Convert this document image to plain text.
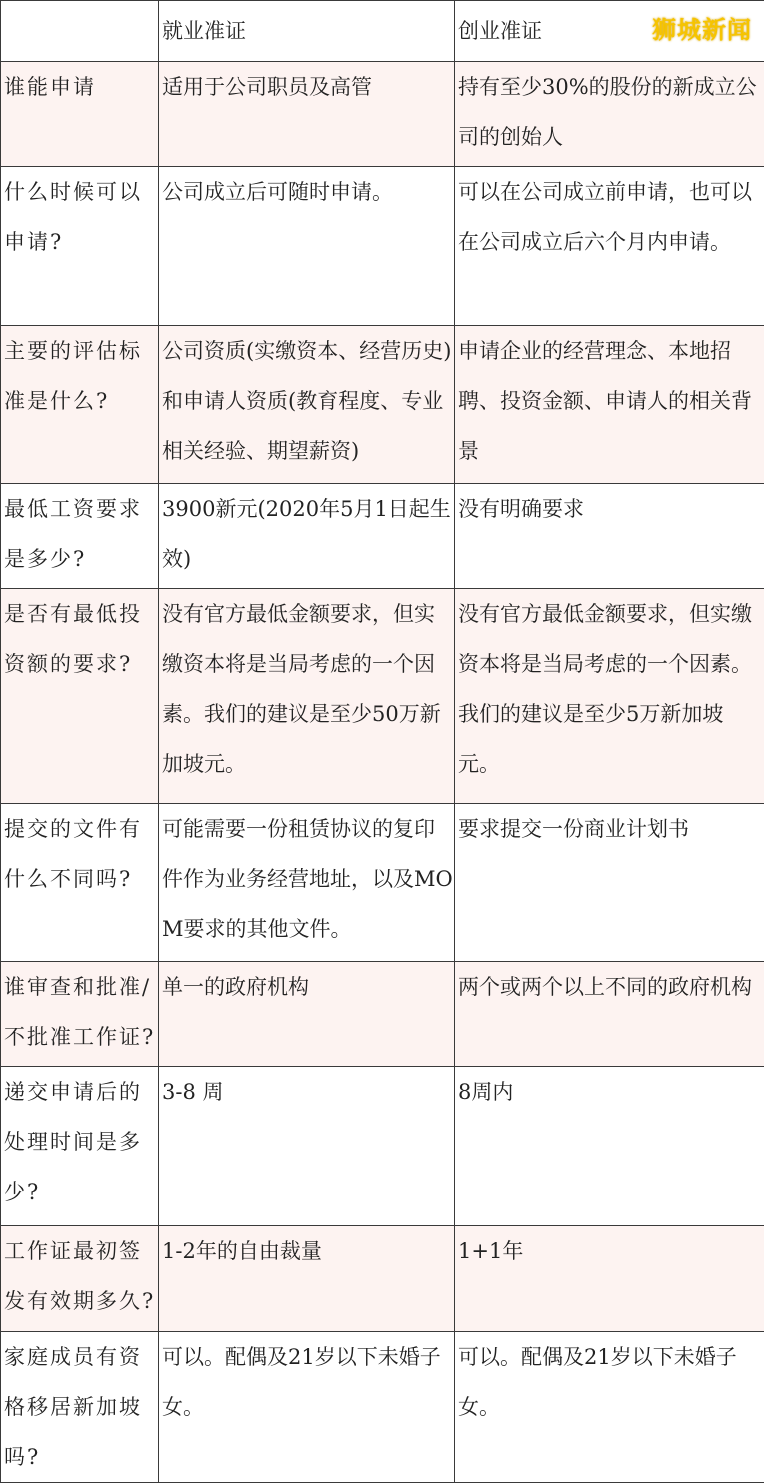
	就业准证	创业准证
谁能申请	适用于公司职员及高管	持有至少30%的股份的新成立公司的创始人
什么时候可以申请?	公司成立后可随时申请。	可以在公司成立前申请，也可以在公司成立后六个月内申请。
主要的评估标准是什么?	公司资质(实缴资本、经营历史)和申请人资质(教育程度、专业相关经验、期望薪资)	申请企业的经营理念、本地招聘、投资金额、申请人的相关背景
最低工资要求是多少?	3900新元(2020年5月1日起生效)	没有明确要求
是否有最低投资额的要求?	没有官方最低金额要求，但实缴资本将是当局考虑的一个因素。我们的建议是至少50万新加坡元。	没有官方最低金额要求，但实缴资本将是当局考虑的一个因素。我们的建议是至少5万新加坡元。
提交的文件有什么不同吗?	可能需要一份租赁协议的复印件作为业务经营地址，以及MOM要求的其他文件。	要求提交一份商业计划书
谁审查和批准/不批准工作证?	单一的政府机构	两个或两个以上不同的政府机构
递交申请后的处理时间是多少?	3-8 周	8周内
工作证最初签发有效期多久?	1-2年的自由裁量	1+1年
家庭成员有资格移居新加坡吗?	可以。配偶及21岁以下未婚子女。	可以。配偶及21岁以下未婚子女。
狮城新闻
